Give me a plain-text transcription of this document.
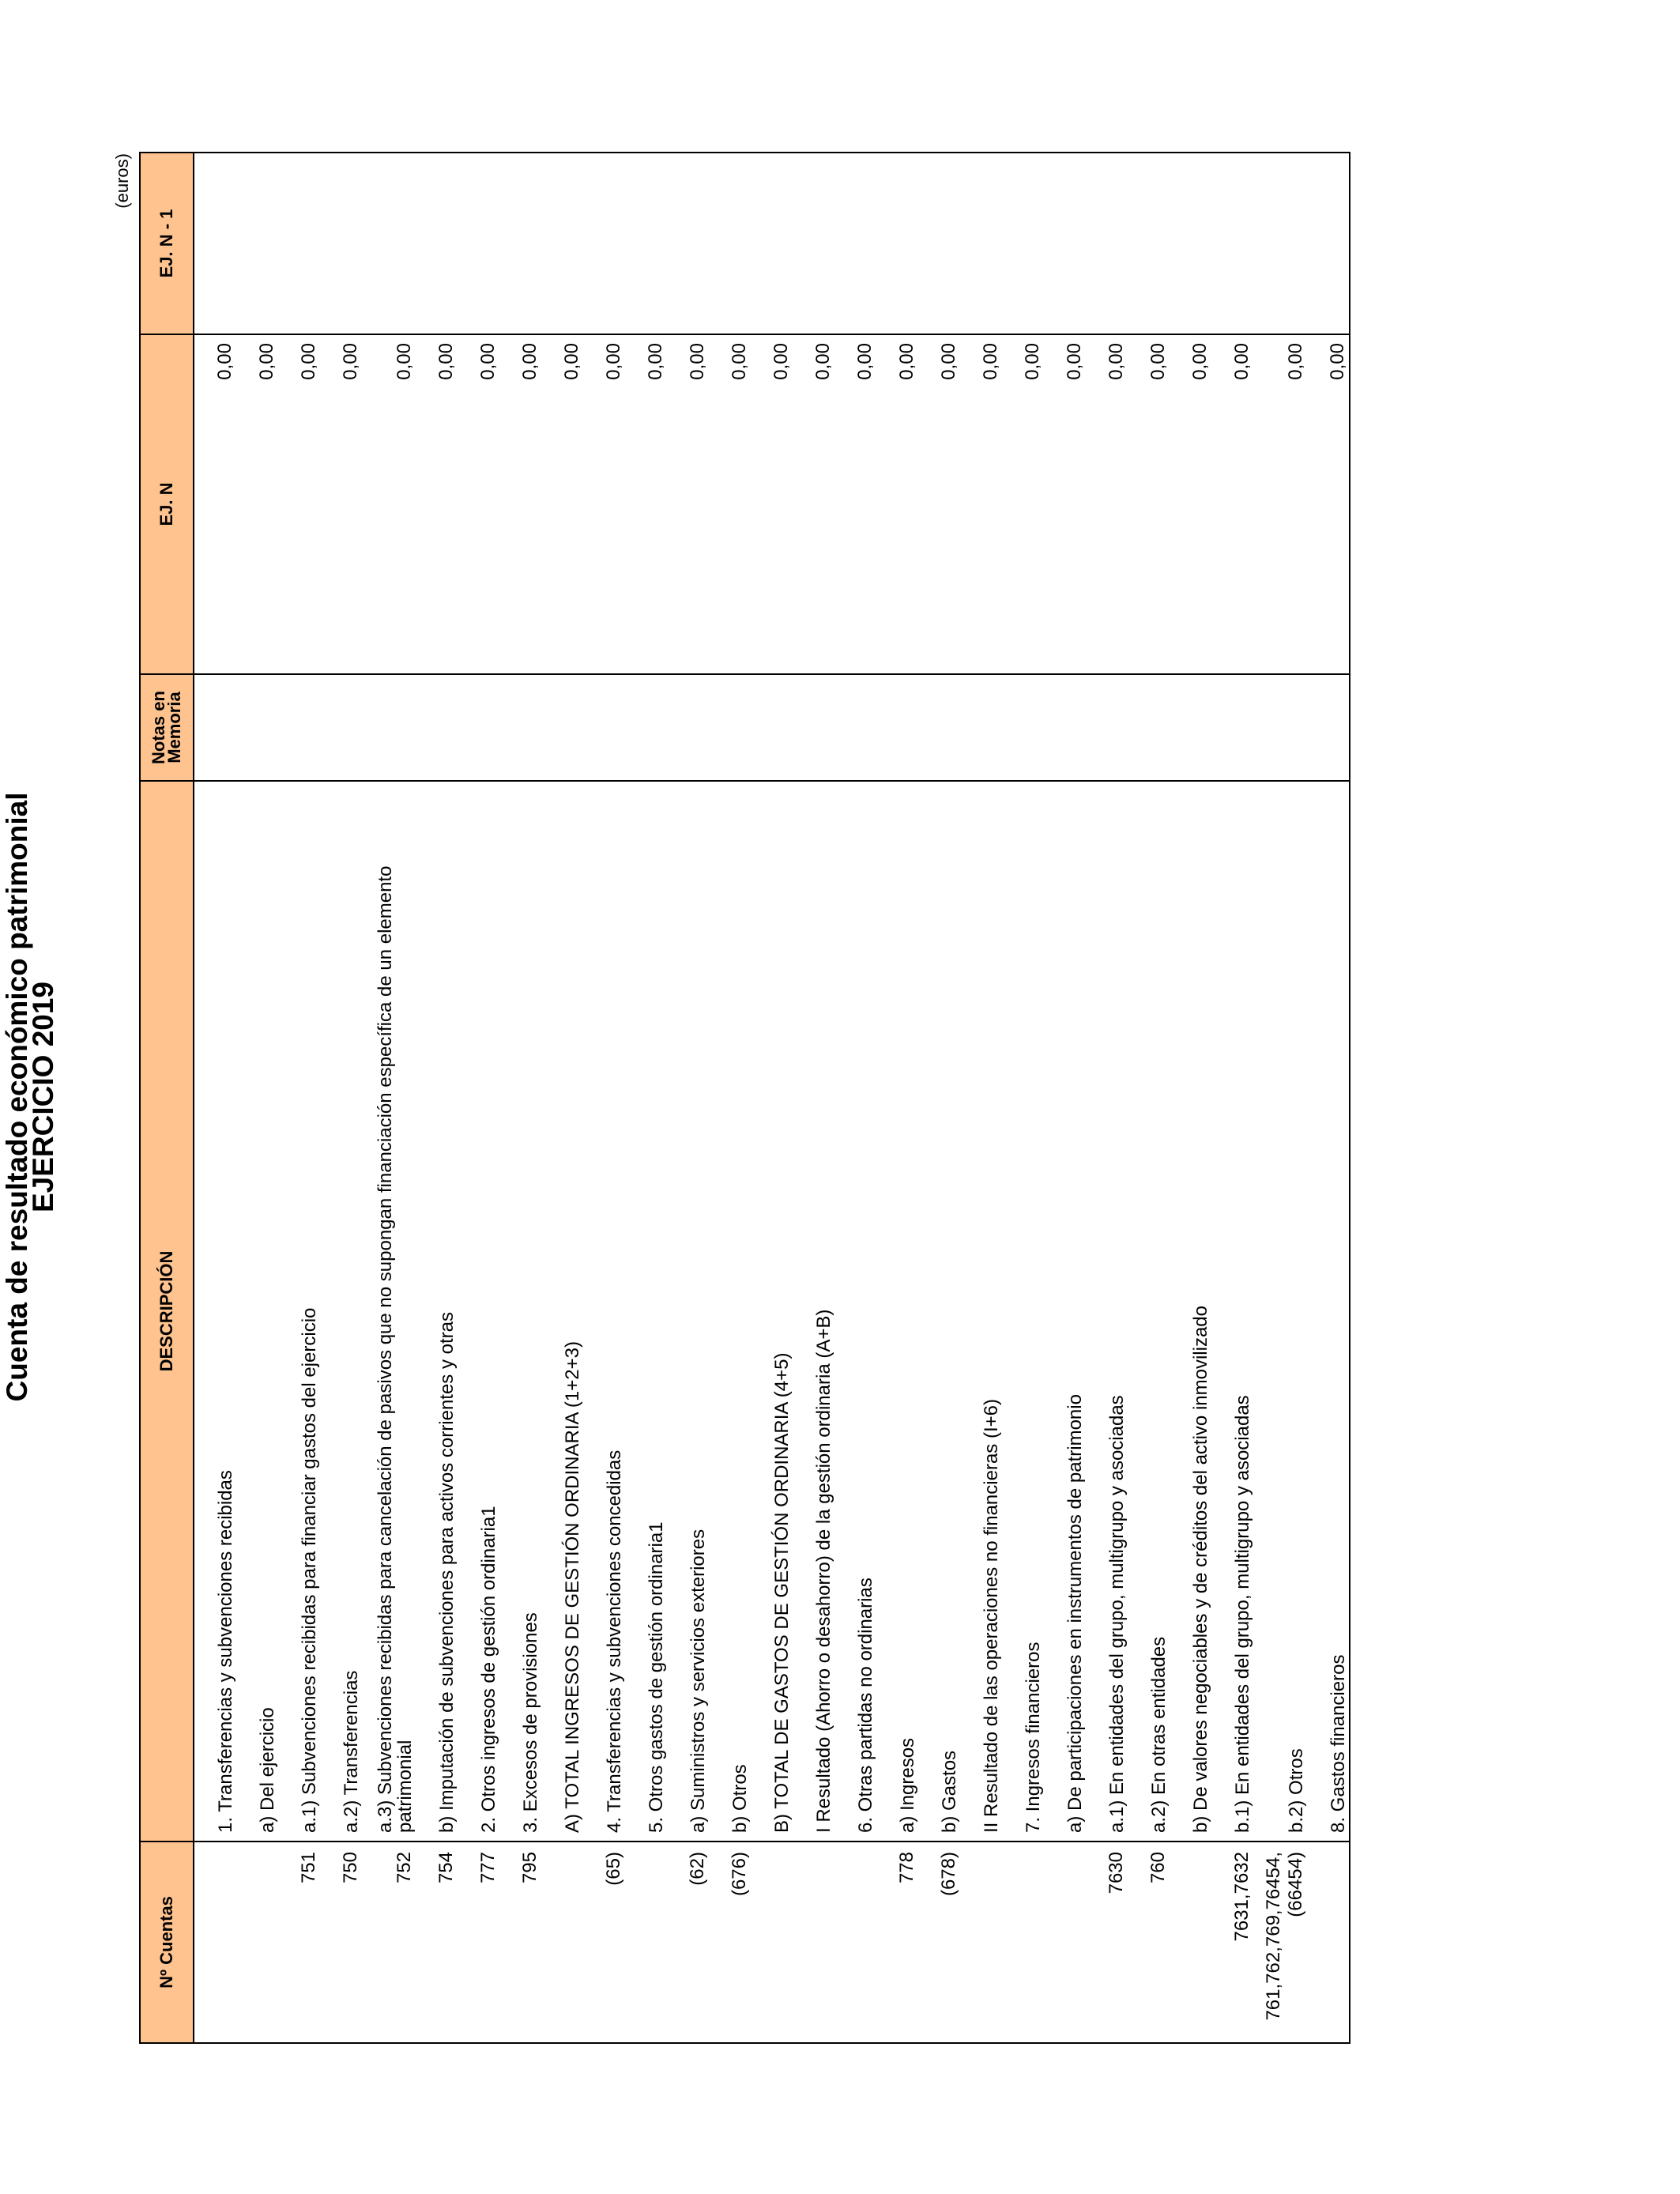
Cuenta de resultado económico patrimonial
EJERCICIO 2019
(euros)
Nº Cuentas	DESCRIPCIÓN	Notas en
Memoria	EJ. N	EJ. N - 1

	1. Transferencias y subvenciones recibidas		0,00	

	a) Del ejercicio		0,00	
751	a.1) Subvenciones recibidas para financiar gastos del ejercicio		0,00	
750	a.2) Transferencias		0,00	
752	a.3) Subvenciones recibidas para cancelación de pasivos que no supongan financiación específica de un elemento patrimonial		0,00	
754	b) Imputación de subvenciones para activos corrientes y otras		0,00	
777	2. Otros ingresos de gestión ordinaria1		0,00	
795	3. Excesos de provisiones		0,00	

	A) TOTAL INGRESOS DE GESTIÓN ORDINARIA (1+2+3)		0,00	
(65)	4. Transferencias y subvenciones concedidas		0,00	

	5. Otros gastos de gestión ordinaria1		0,00	
(62)	a) Suministros y servicios exteriores		0,00	
(676)	b) Otros		0,00	

	B) TOTAL DE GASTOS DE GESTIÓN ORDINARIA (4+5)		0,00	

	I Resultado (Ahorro o desahorro) de la gestión ordinaria (A+B)		0,00	

	6. Otras partidas no ordinarias		0,00	
778	a) Ingresos		0,00	
(678)	b) Gastos		0,00	

	II Resultado de las operaciones no financieras (I+6)		0,00	

	7. Ingresos financieros		0,00	

	a) De participaciones en instrumentos de patrimonio		0,00	
7630	a.1) En entidades del grupo, multigrupo y asociadas		0,00	
760	a.2) En otras entidades		0,00	

	b) De valores negociables y de créditos del activo inmovilizado		0,00	
7631,7632	b.1) En entidades del grupo, multigrupo y asociadas		0,00	
761,762,769,76454,(66454)	b.2) Otros		0,00	

	8. Gastos financieros		0,00	
